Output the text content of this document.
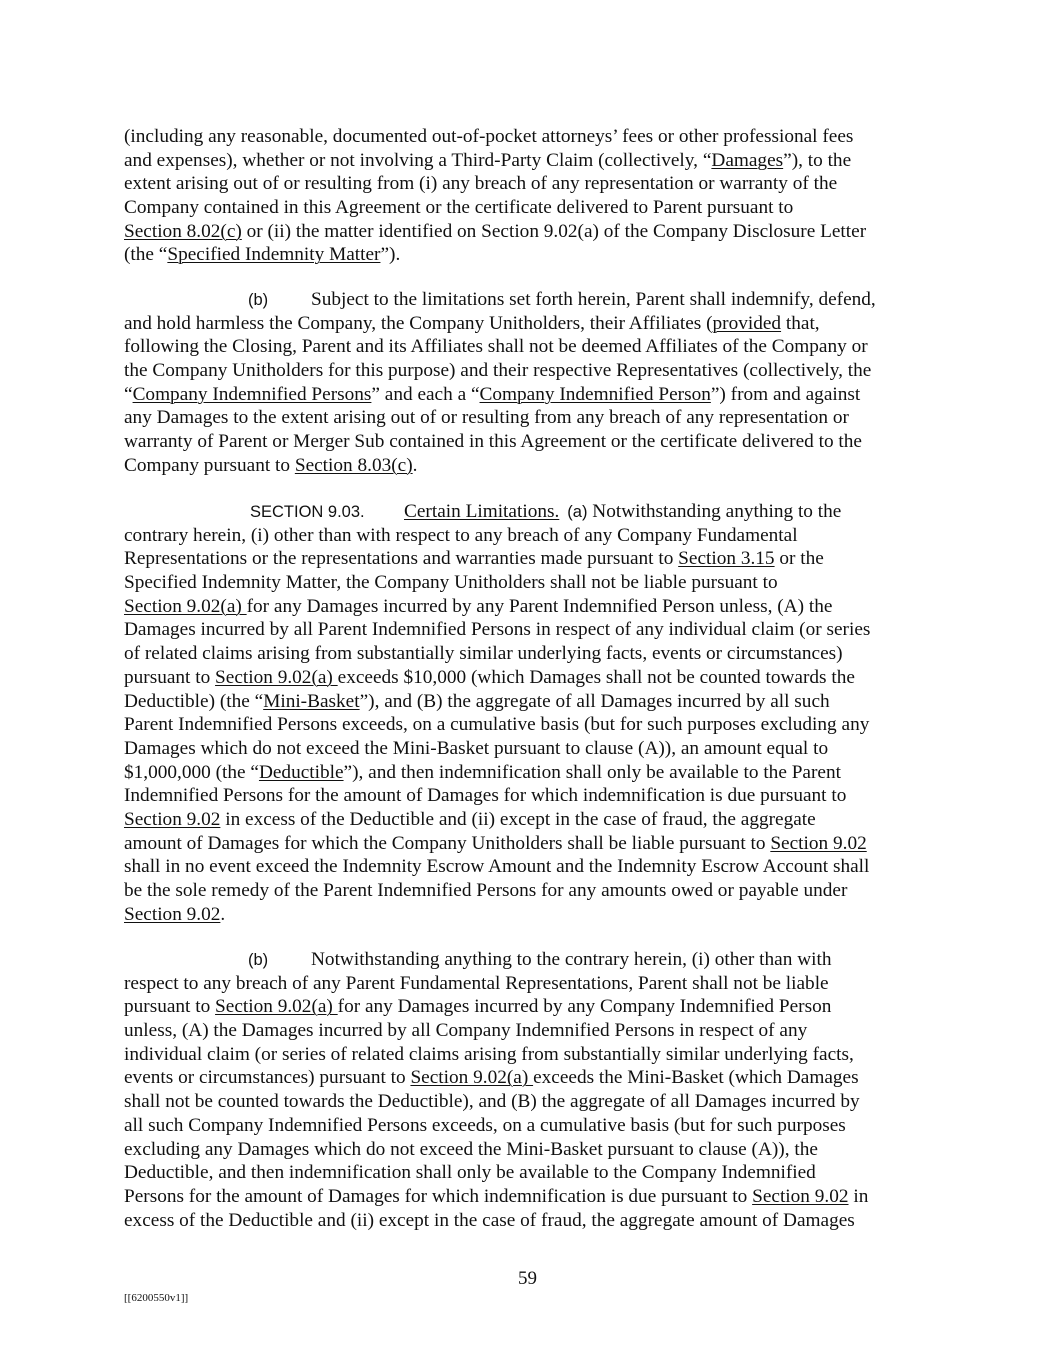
(including any reasonable, documented out-of-pocket attorneys’ fees or other professional fees
and expenses), whether or not involving a Third-Party Claim (collectively, “Damages”), to the
extent arising out of or resulting from (i) any breach of any representation or warranty of the
Company contained in this Agreement or the certificate delivered to Parent pursuant to
Section 8.02(c) or (ii) the matter identified on Section 9.02(a) of the Company Disclosure Letter
(the “Specified Indemnity Matter”).
(b) Subject to the limitations set forth herein, Parent shall indemnify, defend,
and hold harmless the Company, the Company Unitholders, their Affiliates (provided that,
following the Closing, Parent and its Affiliates shall not be deemed Affiliates of the Company or
the Company Unitholders for this purpose) and their respective Representatives (collectively, the
“Company Indemnified Persons” and each a “Company Indemnified Person”) from and against
any Damages to the extent arising out of or resulting from any breach of any representation or
warranty of Parent or Merger Sub contained in this Agreement or the certificate delivered to the
Company pursuant to Section 8.03(c).
SECTION 9.03. Certain Limitations. (a) Notwithstanding anything to the
contrary herein, (i) other than with respect to any breach of any Company Fundamental
Representations or the representations and warranties made pursuant to Section 3.15 or the
Specified Indemnity Matter, the Company Unitholders shall not be liable pursuant to
Section 9.02(a) for any Damages incurred by any Parent Indemnified Person unless, (A) the
Damages incurred by all Parent Indemnified Persons in respect of any individual claim (or series
of related claims arising from substantially similar underlying facts, events or circumstances)
pursuant to Section 9.02(a) exceeds $10,000 (which Damages shall not be counted towards the
Deductible) (the “Mini-Basket”), and (B) the aggregate of all Damages incurred by all such
Parent Indemnified Persons exceeds, on a cumulative basis (but for such purposes excluding any
Damages which do not exceed the Mini-Basket pursuant to clause (A)), an amount equal to
$1,000,000 (the “Deductible”), and then indemnification shall only be available to the Parent
Indemnified Persons for the amount of Damages for which indemnification is due pursuant to
Section 9.02 in excess of the Deductible and (ii) except in the case of fraud, the aggregate
amount of Damages for which the Company Unitholders shall be liable pursuant to Section 9.02
shall in no event exceed the Indemnity Escrow Amount and the Indemnity Escrow Account shall
be the sole remedy of the Parent Indemnified Persons for any amounts owed or payable under
Section 9.02.
(b) Notwithstanding anything to the contrary herein, (i) other than with
respect to any breach of any Parent Fundamental Representations, Parent shall not be liable
pursuant to Section 9.02(a) for any Damages incurred by any Company Indemnified Person
unless, (A) the Damages incurred by all Company Indemnified Persons in respect of any
individual claim (or series of related claims arising from substantially similar underlying facts,
events or circumstances) pursuant to Section 9.02(a) exceeds the Mini-Basket (which Damages
shall not be counted towards the Deductible), and (B) the aggregate of all Damages incurred by
all such Company Indemnified Persons exceeds, on a cumulative basis (but for such purposes
excluding any Damages which do not exceed the Mini-Basket pursuant to clause (A)), the
Deductible, and then indemnification shall only be available to the Company Indemnified
Persons for the amount of Damages for which indemnification is due pursuant to Section 9.02 in
excess of the Deductible and (ii) except in the case of fraud, the aggregate amount of Damages
59
[[6200550v1]]
